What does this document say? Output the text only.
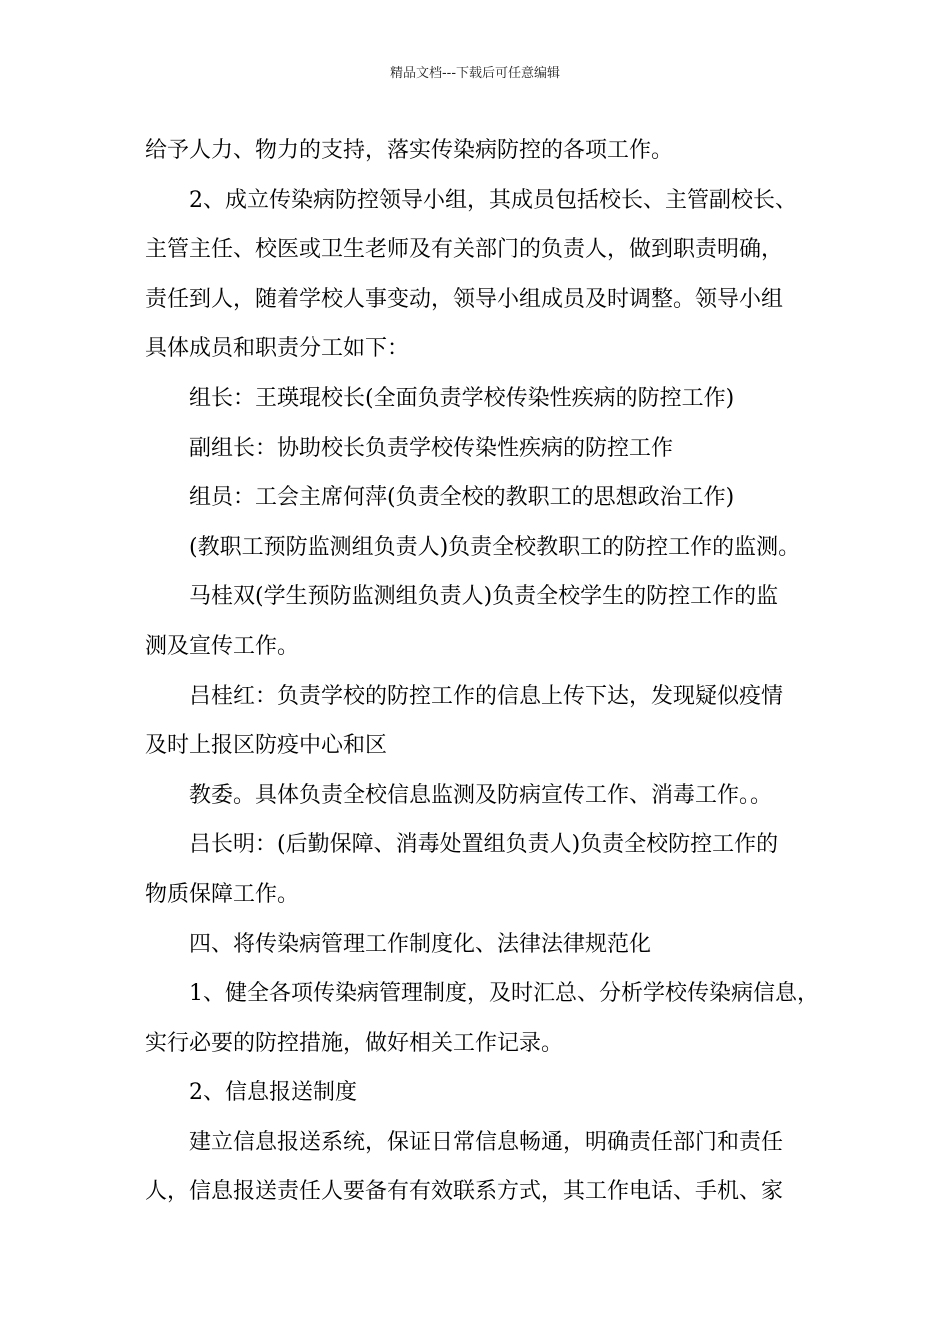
精品文档---下载后可任意编辑
给予人力、物力的支持，落实传染病防控的各项工作。
2、成立传染病防控领导小组，其成员包括校长、主管副校长、
主管主任、校医或卫生老师及有关部门的负责人，做到职责明确，
责任到人，随着学校人事变动，领导小组成员及时调整。领导小组
具体成员和职责分工如下：
组长：王瑛琨校长(全面负责学校传染性疾病的防控工作)
副组长：协助校长负责学校传染性疾病的防控工作
组员：工会主席何萍(负责全校的教职工的思想政治工作)
(教职工预防监测组负责人)负责全校教职工的防控工作的监测。
马桂双(学生预防监测组负责人)负责全校学生的防控工作的监
测及宣传工作。
吕桂红：负责学校的防控工作的信息上传下达，发现疑似疫情
及时上报区防疫中心和区
教委。具体负责全校信息监测及防病宣传工作、消毒工作。。
吕长明：(后勤保障、消毒处置组负责人)负责全校防控工作的
物质保障工作。
四、将传染病管理工作制度化、法律法律规范化
1、健全各项传染病管理制度，及时汇总、分析学校传染病信息，
实行必要的防控措施，做好相关工作记录。
2、信息报送制度
建立信息报送系统，保证日常信息畅通，明确责任部门和责任
人，信息报送责任人要备有有效联系方式，其工作电话、手机、家
